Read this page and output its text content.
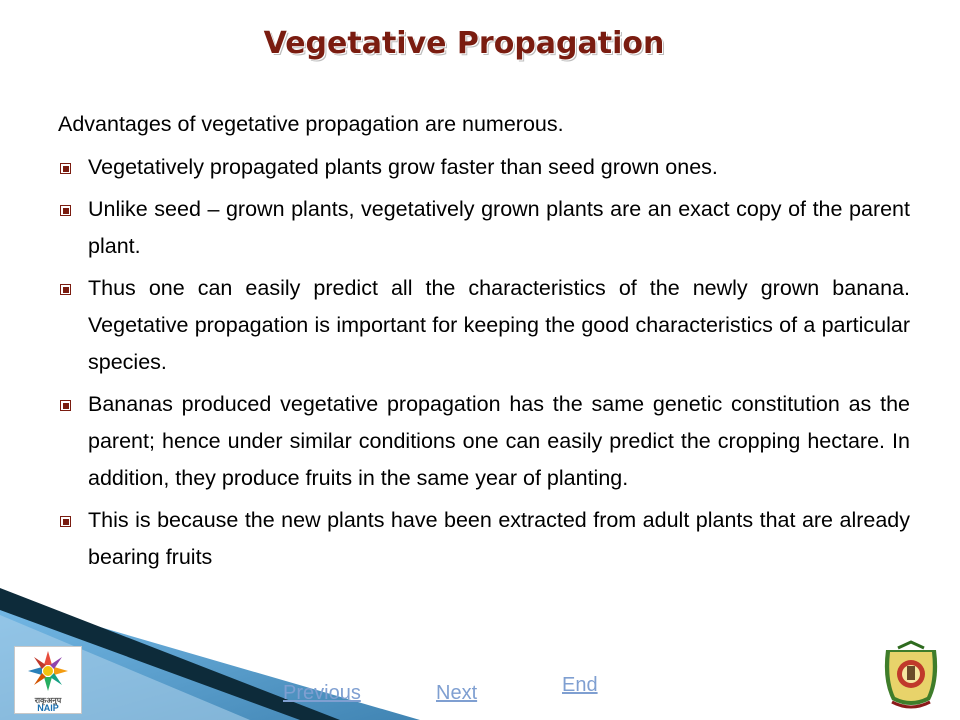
Vegetative Propagation

Advantages of vegetative propagation are numerous.

Vegetatively propagated plants grow faster than seed grown ones.
Unlike seed – grown plants, vegetatively grown plants are an exact copy of the parent plant.
Thus one can easily predict all the characteristics of the newly grown banana. Vegetative propagation is important for keeping the good characteristics of a particular species.
Bananas produced vegetative propagation has the same genetic constitution as the parent; hence under similar conditions one can easily predict the cropping hectare. In addition, they produce fruits in the same year of planting.
This is because the new plants have been extracted from adult plants that are already bearing fruits
राकृअनुप
NAIP
Previous	Next	End
